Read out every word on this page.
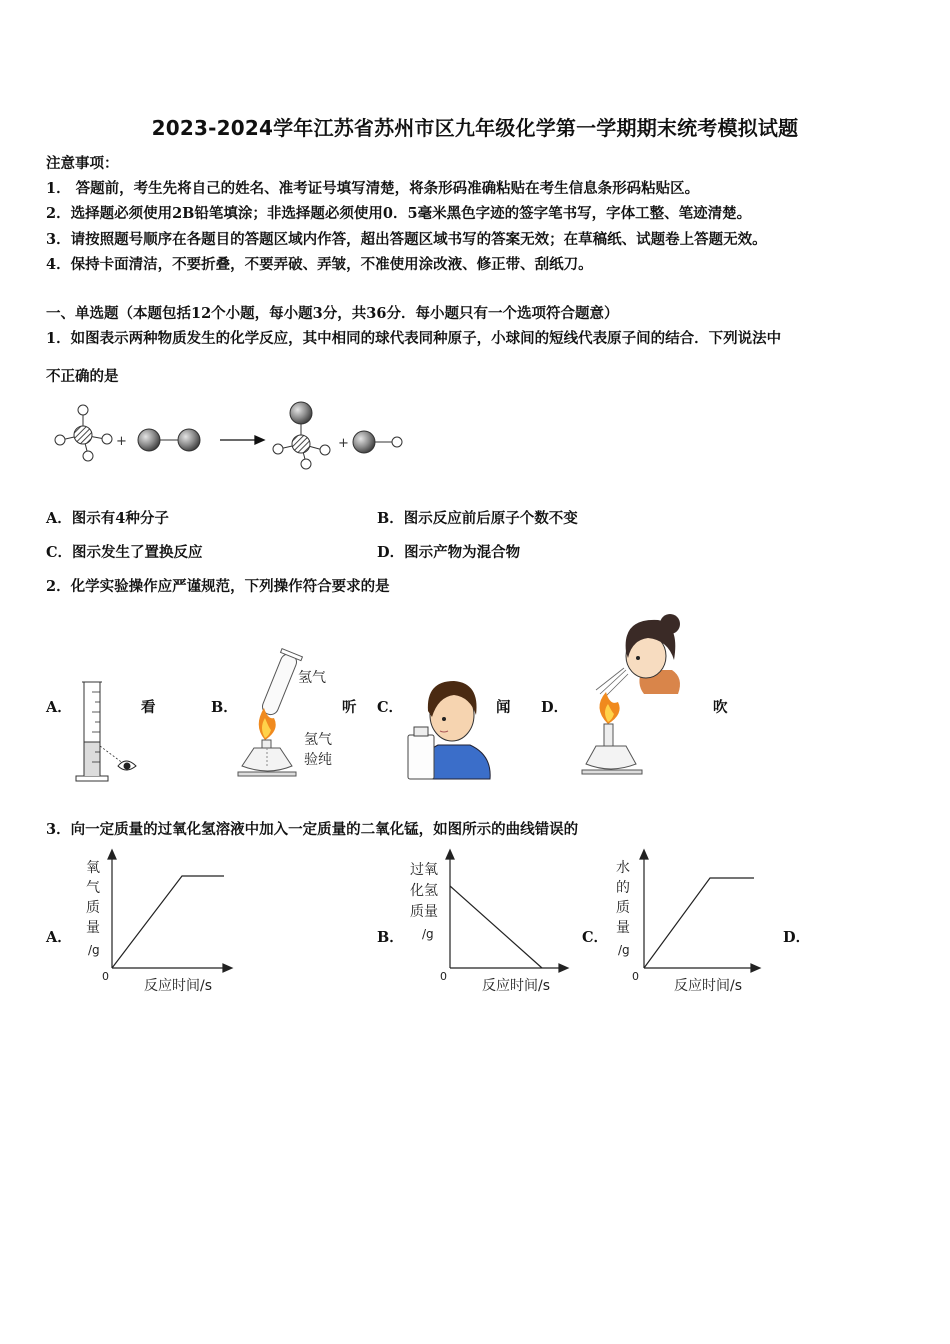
2023-2024学年江苏省苏州市区九年级化学第一学期期末统考模拟试题
注意事项：
1． 答题前，考生先将自己的姓名、准考证号填写清楚，将条形码准确粘贴在考生信息条形码粘贴区。
2．选择题必须使用2B铅笔填涂；非选择题必须使用0．5毫米黑色字迹的签字笔书写，字体工整、笔迹清楚。
3．请按照题号顺序在各题目的答题区域内作答，超出答题区域书写的答案无效；在草稿纸、试题卷上答题无效。
4．保持卡面清洁，不要折叠，不要弄破、弄皱，不准使用涂改液、修正带、刮纸刀。
一、单选题（本题包括12个小题，每小题3分，共36分．每小题只有一个选项符合题意）
1．如图表示两种物质发生的化学反应，其中相同的球代表同种原子，小球间的短线代表原子间的结合．下列说法中
不正确的是
+	+
A．图示有4种分子	B．图示反应前后原子个数不变
C．图示发生了置换反应	D．图示产物为混合物
2．化学实验操作应严谨规范，下列操作符合要求的是
A．	看	B．	听 C．	闻 D．	吹
氢气
氢气
验纯
3．向一定质量的过氧化氢溶液中加入一定质量的二氧化锰，如图所示的曲线错误的
A．	B．	C．	D．
氧
气
质
量
/g
0
反应时间/s
过氧
化氢
质量
/g
0
反应时间/s
水
的
质
量
/g
0
反应时间/s
